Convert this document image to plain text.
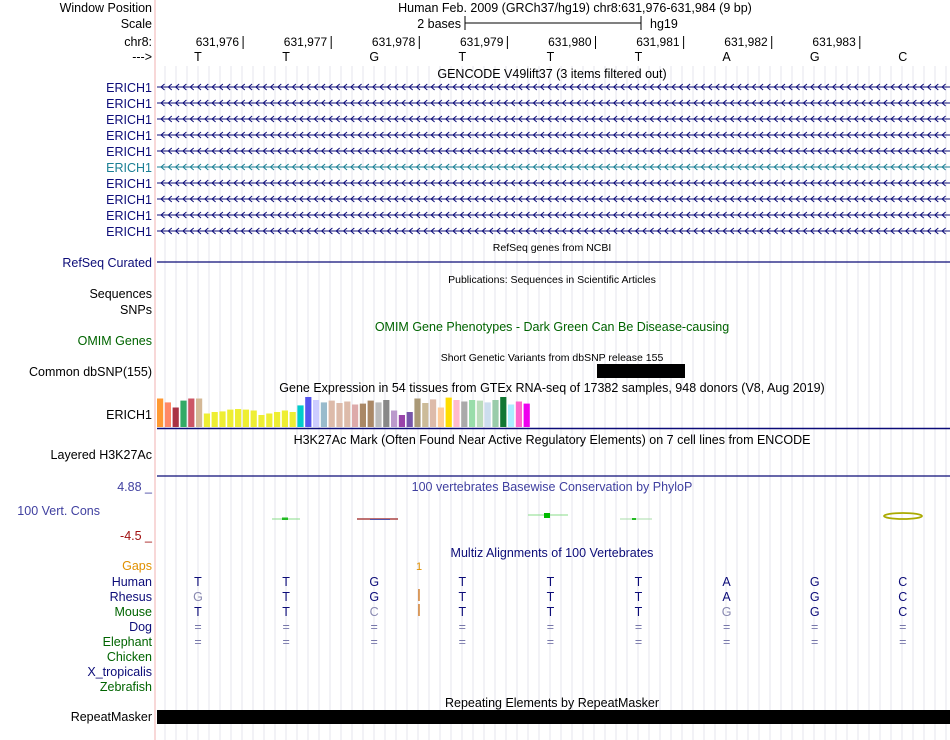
Window Position	Human Feb. 2009 (GRCh37/hg19) chr8:631,976-631,984 (9 bp)
Scale	2 bases	hg19
chr8:	631,976	631,977	631,978	631,979	631,980	631,981	631,982	631,983
--->	T	T	G	T	T	T	A	G	C
GENCODE V49lift37 (3 items filtered out)
ERICH1
ERICH1
ERICH1
ERICH1
ERICH1
ERICH1
ERICH1
ERICH1
ERICH1
ERICH1
RefSeq genes from NCBI
RefSeq Curated
Publications: Sequences in Scientific Articles
Sequences
SNPs
OMIM Gene Phenotypes - Dark Green Can Be Disease-causing
OMIM Genes
Short Genetic Variants from dbSNP release 155
Common dbSNP(155)
Gene Expression in 54 tissues from GTEx RNA-seq of 17382 samples, 948 donors (V8, Aug 2019)
ERICH1
H3K27Ac Mark (Often Found Near Active Regulatory Elements) on 7 cell lines from ENCODE
Layered H3K27Ac
4.88 _	100 vertebrates Basewise Conservation by PhyloP
100 Vert. Cons
-4.5 _
Multiz Alignments of 100 Vertebrates
Gaps	1
Human	T	T	G	T	T	T	A	G	C
Rhesus	G	T	G	T	T	T	A	G	C
Mouse	T	T	C	T	T	T	G	G	C
Dog	=	=	=	=	=	=	=	=	=
Elephant	=	=	=	=	=	=	=	=	=
Chicken
X_tropicalis
Zebrafish
Repeating Elements by RepeatMasker
RepeatMasker
